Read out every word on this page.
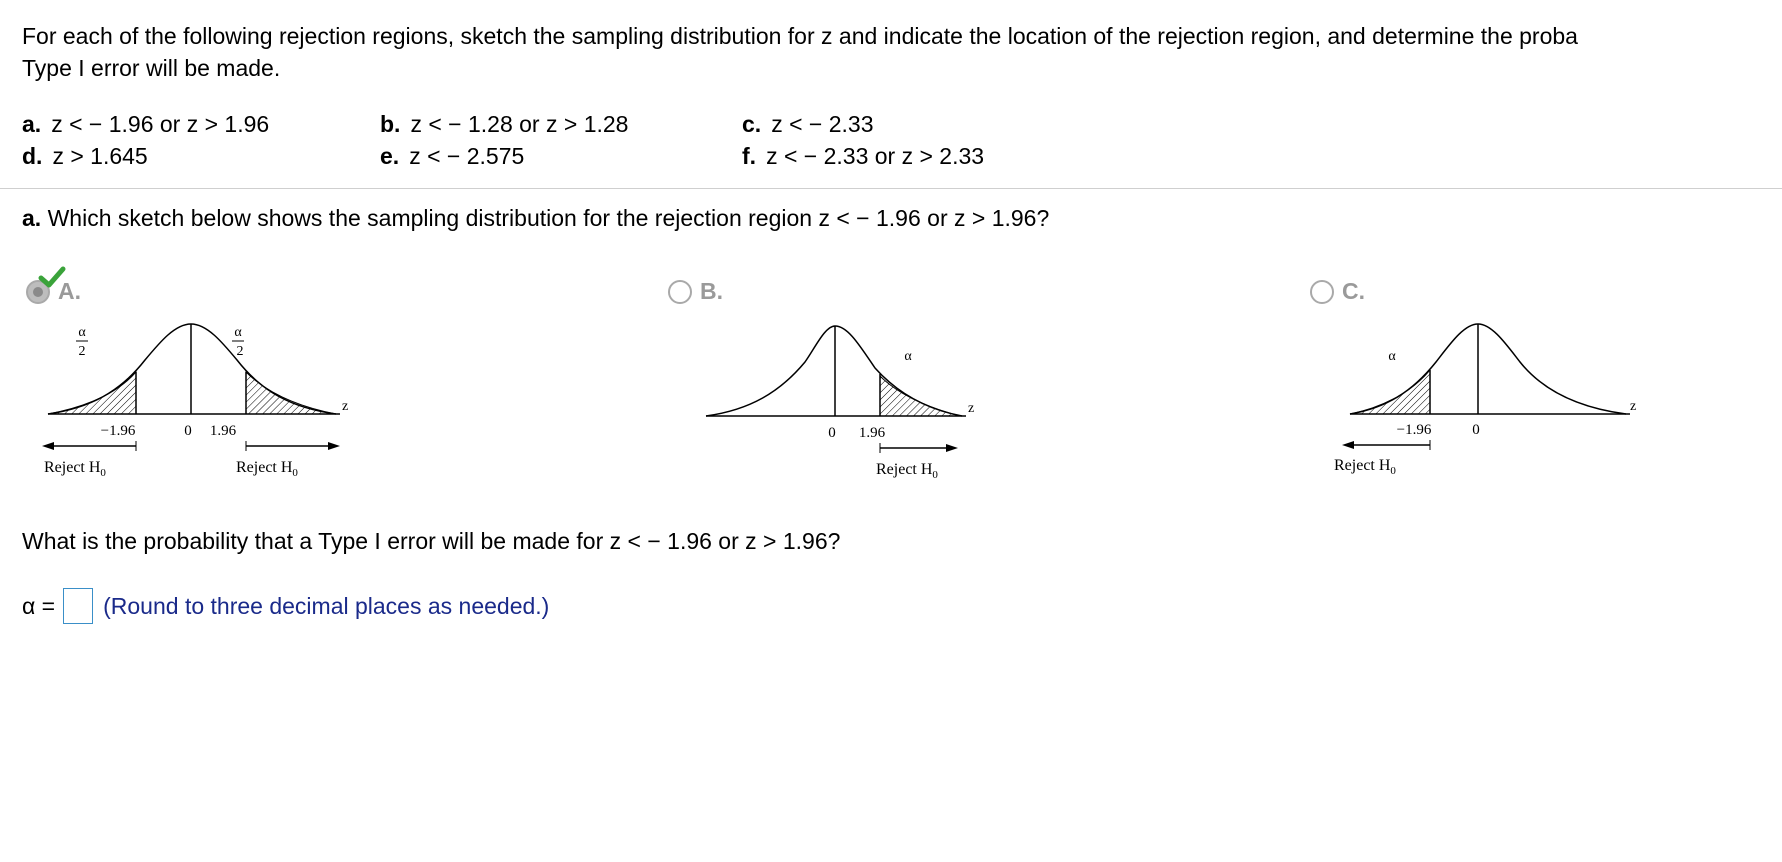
For each of the following rejection regions, sketch the sampling distribution for z and indicate the location of the rejection region, and determine the proba
Type I error will be made.
a. z < − 1.96 or z > 1.96	b. z < − 1.28 or z > 1.28	c. z < − 2.33
d. z > 1.645	e. z < − 2.575	f. z < − 2.33 or z > 2.33
a. Which sketch below shows the sampling distribution for the rejection region z < − 1.96 or z > 1.96?
A.	B.	C.
α
2
α
2
z
−1.96	0 1.96
Reject $H_0$	Reject $H_0$
α
z
0 1.96
Reject $H_0$
α
z
−1.96	0
Reject $H_0$
What is the probability that a Type I error will be made for z < − 1.96 or z > 1.96?
α = (Round to three decimal places as needed.)
